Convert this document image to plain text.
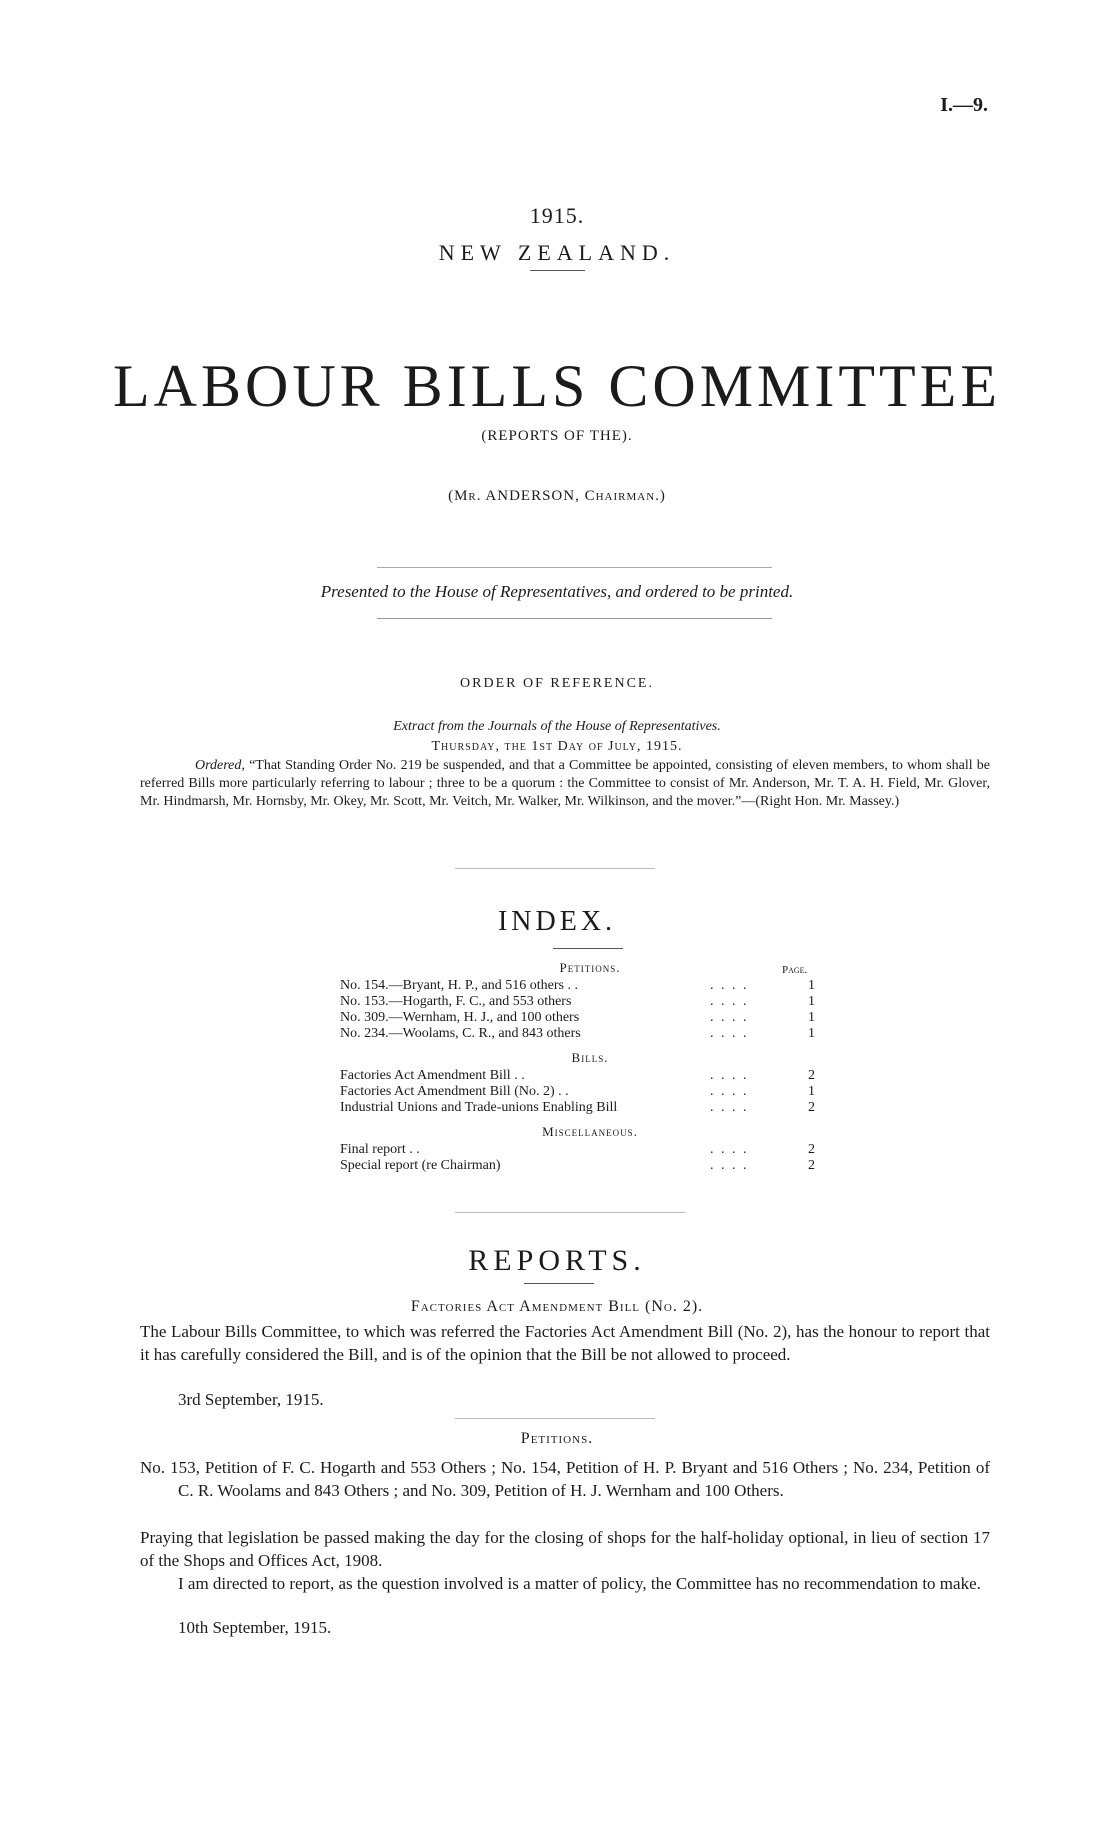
I.—9.
1915.
NEW ZEALAND.
LABOUR BILLS COMMITTEE
(REPORTS OF THE).
(Mr. ANDERSON, Chairman.)
Presented to the House of Representatives, and ordered to be printed.
ORDER OF REFERENCE.
Extract from the Journals of the House of Representatives.
Thursday, the 1st Day of July, 1915.
Ordered, “That Standing Order No. 219 be suspended, and that a Committee be appointed, consisting of eleven members, to whom shall be referred Bills more particularly referring to labour ; three to be a quorum : the Committee to consist of Mr. Anderson, Mr. T. A. H. Field, Mr. Glover, Mr. Hindmarsh, Mr. Hornsby, Mr. Okey, Mr. Scott, Mr. Veitch, Mr. Walker, Mr. Wilkinson, and the mover.”—(Right Hon. Mr. Massey.)
INDEX.
Page.
Petitions.
No. 154.—Bryant, H. P., and 516 others . .	. . . .	1
No. 153.—Hogarth, F. C., and 553 others	. . . .	1
No. 309.—Wernham, H. J., and 100 others	. . . .	1
No. 234.—Woolams, C. R., and 843 others	. . . .	1
Bills.
Factories Act Amendment Bill . .	. . . .	2
Factories Act Amendment Bill (No. 2) . .	. . . .	1
Industrial Unions and Trade-unions Enabling Bill	. . . .	2
Miscellaneous.
Final report . .	. . . .	2
Special report (re Chairman)	. . . .	2
REPORTS.
Factories Act Amendment Bill (No. 2).
The Labour Bills Committee, to which was referred the Factories Act Amendment Bill (No. 2), has the honour to report that it has carefully considered the Bill, and is of the opinion that the Bill be not allowed to proceed.
3rd September, 1915.
Petitions.
No. 153, Petition of F. C. Hogarth and 553 Others ; No. 154, Petition of H. P. Bryant and 516 Others ; No. 234, Petition of C. R. Woolams and 843 Others ; and No. 309, Petition of H. J. Wernham and 100 Others.
Praying that legislation be passed making the day for the closing of shops for the half-holiday optional, in lieu of section 17 of the Shops and Offices Act, 1908.
I am directed to report, as the question involved is a matter of policy, the Committee has no recommendation to make.
10th September, 1915.
